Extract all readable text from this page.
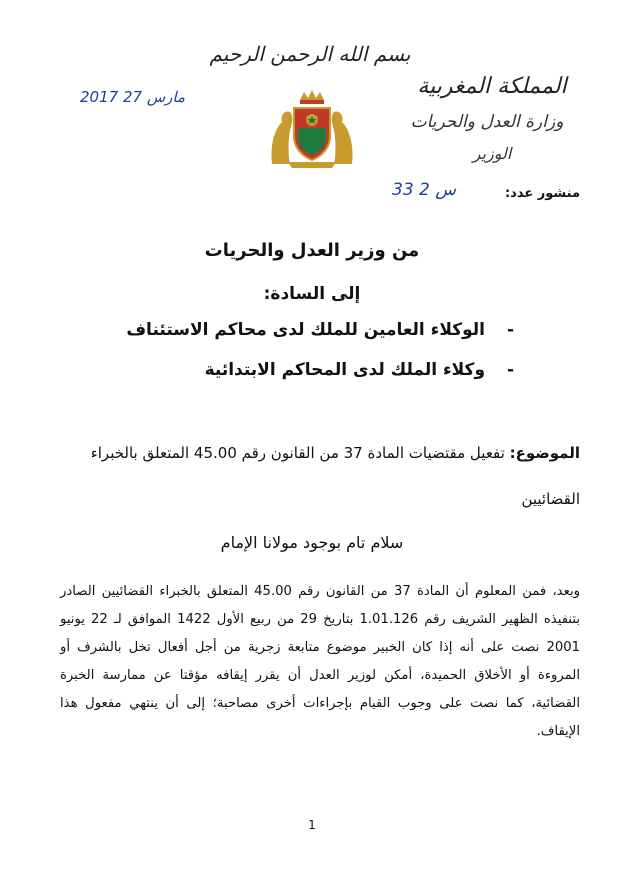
بسم الله الرحمن الرحيم
2017 مارس 27	المملكة المغربية
وزارة العدل والحريات
الوزير
منشور عدد:
33 س 2
من وزير العدل والحريات
إلى السادة:
- الوكلاء العامين للملك لدى محاكم الاستئناف
- وكلاء الملك لدى المحاكم الابتدائية
الموضوع: تفعيل مقتضيات المادة 37 من القانون رقم 45.00 المتعلق بالخبراء القضائيين
سلام تام بوجود مولانا الإمام
وبعد، فمن المعلوم أن المادة 37 من القانون رقم 45.00 المتعلق بالخبراء القضائيين الصادر بتنفيذه الظهير الشريف رقم 1.01.126 بتاريخ 29 من ربيع الأول 1422 الموافق لـ 22 يونيو 2001 نصت على أنه إذا كان الخبير موضوع متابعة زجرية من أجل أفعال تخل بالشرف أو المروءة أو الأخلاق الحميدة، أمكن لوزير العدل أن يقرر إيقافه مؤقتا عن ممارسة الخبرة القضائية، كما نصت على وجوب القيام بإجراءات أخرى مصاحبة؛ إلى أن ينتهي مفعول هذا الإيقاف.
1
